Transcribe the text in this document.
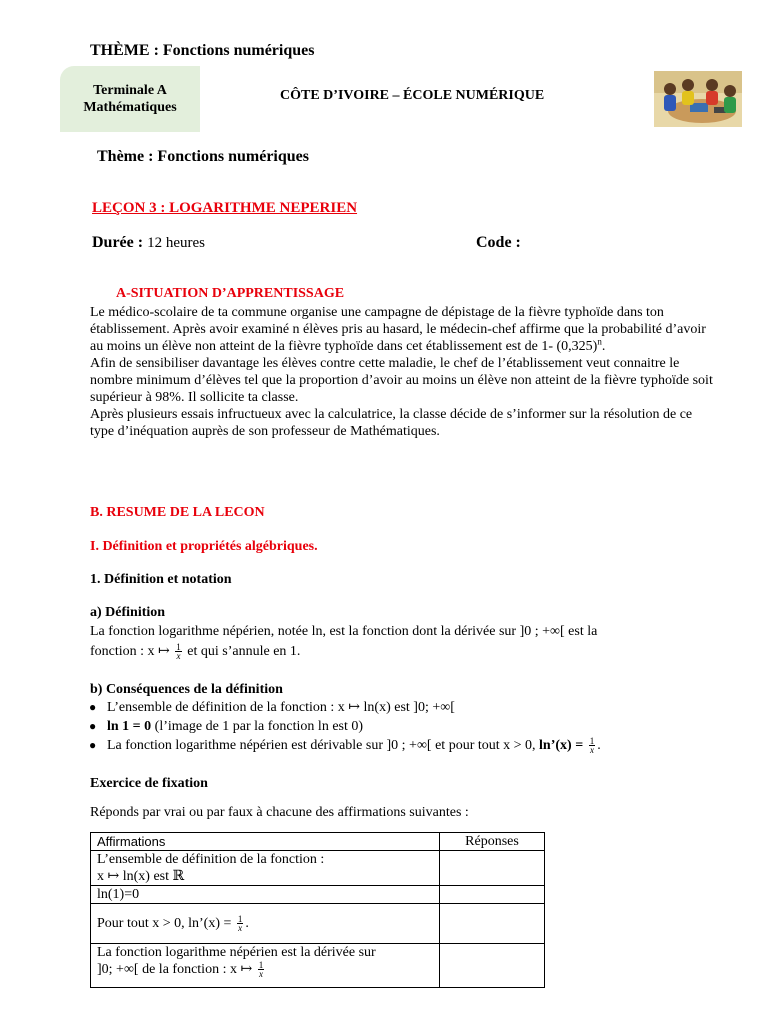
THÈME : Fonctions numériques
Terminale A
Mathématiques
CÔTE D’IVOIRE – ÉCOLE NUMÉRIQUE
Thème : Fonctions numériques
LEÇON 3 : LOGARITHME NEPERIEN
Durée : 12 heures	Code :
A-SITUATION D’APPRENTISSAGE
Le médico-scolaire de ta commune organise une campagne de dépistage de la fièvre typhoïde dans ton établissement. Après avoir examiné n élèves pris au hasard, le médecin-chef affirme que la probabilité d’avoir au moins un élève non atteint de la fièvre typhoïde dans cet établissement est de 1- $(0,325)^n$.
Afin de sensibiliser davantage les élèves contre cette maladie, le chef de l’établissement veut connaitre le nombre minimum d’élèves tel que la proportion d’avoir au moins un élève non atteint de la fièvre typhoïde soit supérieur à 98%. Il sollicite ta classe.
Après plusieurs essais infructueux avec la calculatrice, la classe décide de s’informer sur la résolution de ce type d’inéquation auprès de son professeur de Mathématiques.
B. RESUME DE LA LECON
I. Définition et propriétés algébriques.
1. Définition et notation
a) Définition
La fonction logarithme népérien, notée ln, est la fonction dont la dérivée sur ]0 ; +∞[ est la
fonction : x ↦ $\frac{1}{x}$ et qui s’annule en 1.
b) Conséquences de la définition
● L’ensemble de définition de la fonction : x ↦ ln(x) est ]0; +∞[
● ln 1 = 0 (l’image de 1 par la fonction ln est 0)
● La fonction logarithme népérien est dérivable sur ]0 ; +∞[ et pour tout x > 0, ln’(x) = $\frac{1}{x}$ .
Exercice de fixation
Réponds par vrai ou par faux à chacune des affirmations suivantes :
Affirmations	Réponses

L’ensemble de définition de la fonction :
x ↦ ln(x) est ℝ	

ln(1)=0	
Pour tout x > 0, ln’(x) = $\frac{1}{x}$ .	

La fonction logarithme népérien est la dérivée sur
]0; +∞[ de la fonction : x ↦ $\frac{1}{x}$
